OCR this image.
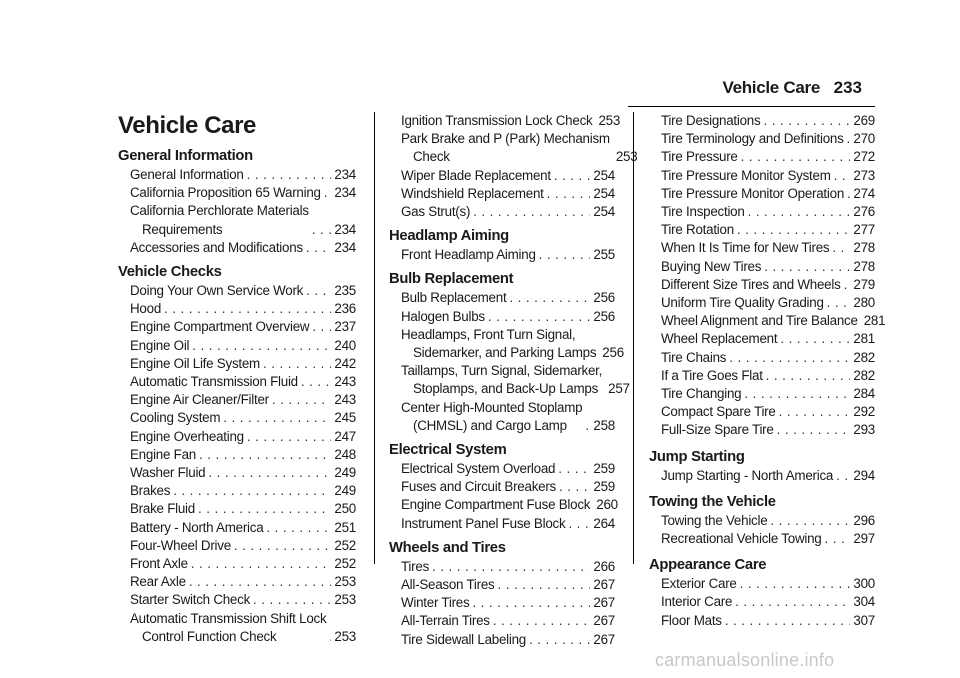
Vehicle Care 233
Vehicle Care
General Information
General Information . . .	234
California Proposition 65 Warning . . . 234
California Perchlorate Materials
Requirements . . .	234
Accessories and Modifications . . . 234
Vehicle Checks
Doing Your Own Service Work . . . 235
Hood . . .	236
Engine Compartment Overview . . . 237
Engine Oil . . .	240
Engine Oil Life System . . .	242
Automatic Transmission Fluid . . .	243
Engine Air Cleaner/Filter . . .	243
Cooling System . . .	245
Engine Overheating . . .	247
Engine Fan . . .	248
Washer Fluid . . .	249
Brakes . . .	249
Brake Fluid . . .	250
Battery - North America . . .	251
Four-Wheel Drive . . .	252
Front Axle . . .	252
Rear Axle . . .	253
Starter Switch Check . . .	253
Automatic Transmission Shift Lock
Control Function Check . . .	253
Ignition Transmission Lock Check 253
Park Brake and P (Park) Mechanism
Check	253
Wiper Blade Replacement . . .	254
Windshield Replacement . . .	254
Gas Strut(s) . . .	254
Headlamp Aiming
Front Headlamp Aiming . . .	255
Bulb Replacement
Bulb Replacement . . .	256
Halogen Bulbs . . .	256
Headlamps, Front Turn Signal,
Sidemarker, and Parking Lamps 256
Taillamps, Turn Signal, Sidemarker,
Stoplamps, and Back-Up Lamps 257
Center High-Mounted Stoplamp
(CHMSL) and Cargo Lamp . . .	258
Electrical System
Electrical System Overload . . .	259
Fuses and Circuit Breakers . . .	259
Engine Compartment Fuse Block 260
Instrument Panel Fuse Block . . . 264
Wheels and Tires
Tires . . .	266
All-Season Tires . . .	267
Winter Tires . . .	267
All-Terrain Tires . . .	267
Tire Sidewall Labeling . . .	267
Tire Designations . . .	269
Tire Terminology and Definitions . . . 270
Tire Pressure . . .	272
Tire Pressure Monitor System . . . 273
Tire Pressure Monitor Operation . . . 274
Tire Inspection . . .	276
Tire Rotation . . .	277
When It Is Time for New Tires . . . 278
Buying New Tires . . .	278
Different Size Tires and Wheels . . . 279
Uniform Tire Quality Grading . . . 280
Wheel Alignment and Tire Balance 281
Wheel Replacement . . .	281
Tire Chains . . .	282
If a Tire Goes Flat . . .	282
Tire Changing . . .	284
Compact Spare Tire . . .	292
Full-Size Spare Tire . . .	293
Jump Starting
Jump Starting - North America . . . 294
Towing the Vehicle
Towing the Vehicle . . .	296
Recreational Vehicle Towing . . . 297
Appearance Care
Exterior Care . . .	300
Interior Care . . .	304
Floor Mats . . .	307
carmanualsonline.info
